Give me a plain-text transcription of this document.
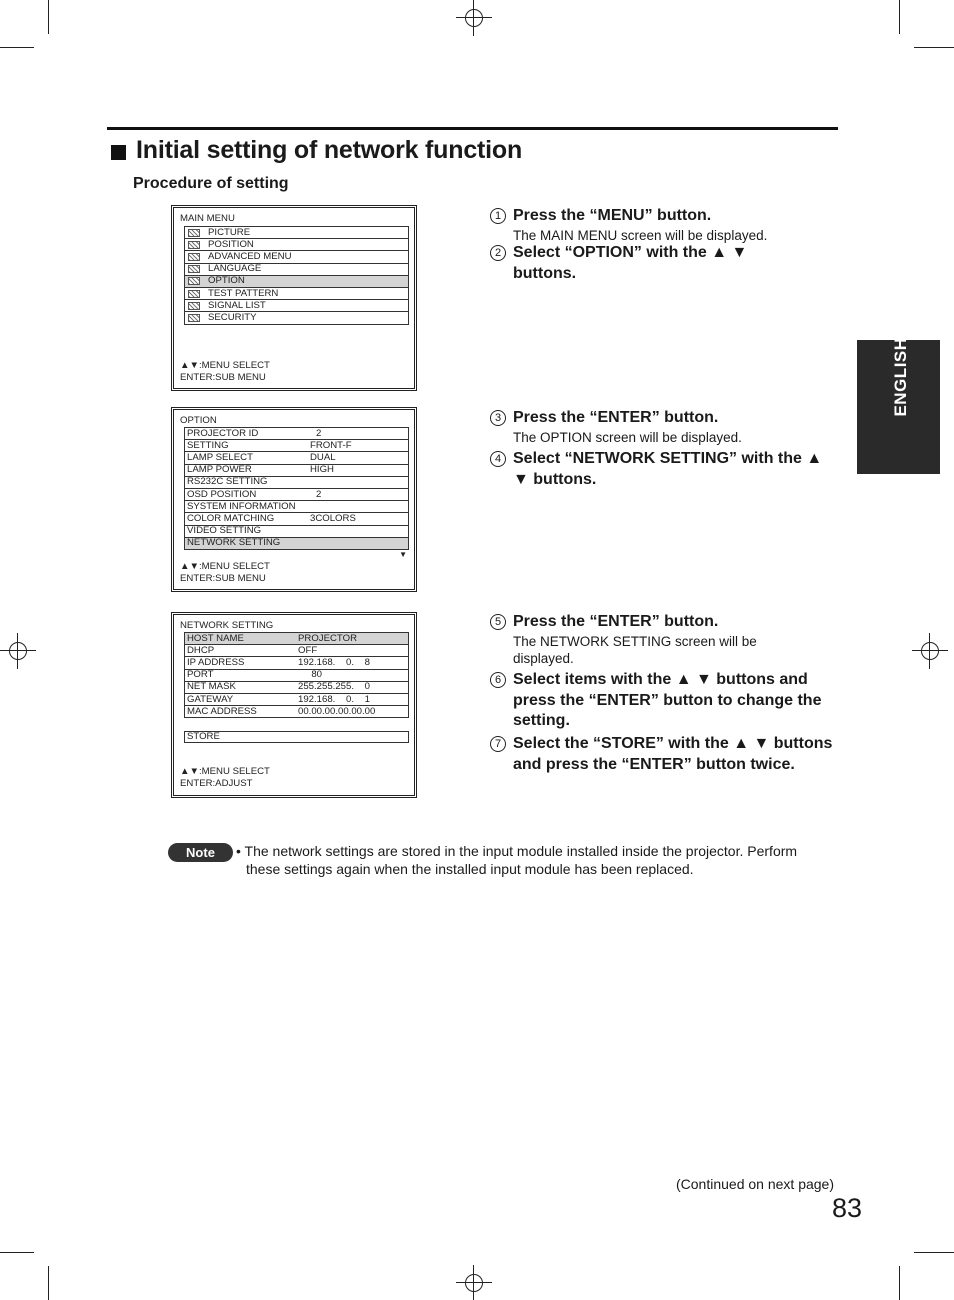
Initial setting of network function
Procedure of setting
ENGLISH
MAIN MENU
PICTURE
POSITION
ADVANCED MENU
LANGUAGE
OPTION
TEST PATTERN
SIGNAL LIST
SECURITY
▲▼:MENU SELECT
ENTER:SUB MENU
OPTION
PROJECTOR ID	2
SETTING	FRONT-F
LAMP SELECT	DUAL
LAMP POWER	HIGH
RS232C SETTING
OSD POSITION	2
SYSTEM INFORMATION
COLOR MATCHING	3COLORS
VIDEO SETTING
NETWORK SETTING
▼
▲▼:MENU SELECT
ENTER:SUB MENU
NETWORK SETTING
HOST NAME	PROJECTOR
DHCP	OFF
IP ADDRESS	192.168.    0.    8
PORT	80
NET MASK	255.255.255.    0
GATEWAY	192.168.    0.    1
MAC ADDRESS	00.00.00.00.00.00
STORE
▲▼:MENU SELECT
ENTER:ADJUST
1 Press the “MENU” button.
The MAIN MENU screen will be displayed.
2 Select “OPTION” with the ▲ ▼ buttons.
3 Press the “ENTER” button.
The OPTION screen will be displayed.
4 Select “NETWORK SETTING” with the ▲ ▼ buttons.
5 Press the “ENTER” button.
The NETWORK SETTING screen will be displayed.
6 Select items with the ▲ ▼ buttons and press the “ENTER” button to change the setting.
7 Select the “STORE” with the ▲ ▼ buttons and press the “ENTER” button twice.
Note	• The network settings are stored in the input module installed inside the projector. Perform these settings again when the installed input module has been replaced.
(Continued on next page)
83
